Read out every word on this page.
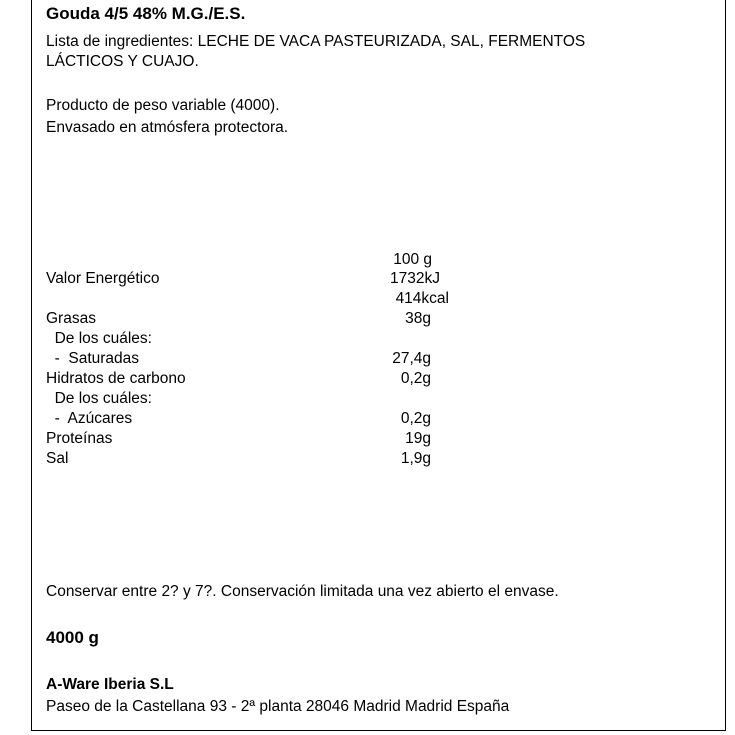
Gouda 4/5 48% M.G./E.S.
Lista de ingredientes: LECHE DE VACA PASTEURIZADA, SAL, FERMENTOS
LÁCTICOS Y CUAJO.
Producto de peso variable (4000).
Envasado en atmósfera protectora.
100 g
Valor Energético	1732kJ
414kcal
Grasas	38g
De los cuáles:
-  Saturadas	27,4g
Hidratos de carbono	0,2g
De los cuáles:
-  Azúcares	0,2g
Proteínas	19g
Sal	1,9g
Conservar entre 2? y 7?. Conservación limitada una vez abierto el envase.
4000 g
A-Ware Iberia S.L
Paseo de la Castellana 93 - 2ª planta 28046 Madrid Madrid España
